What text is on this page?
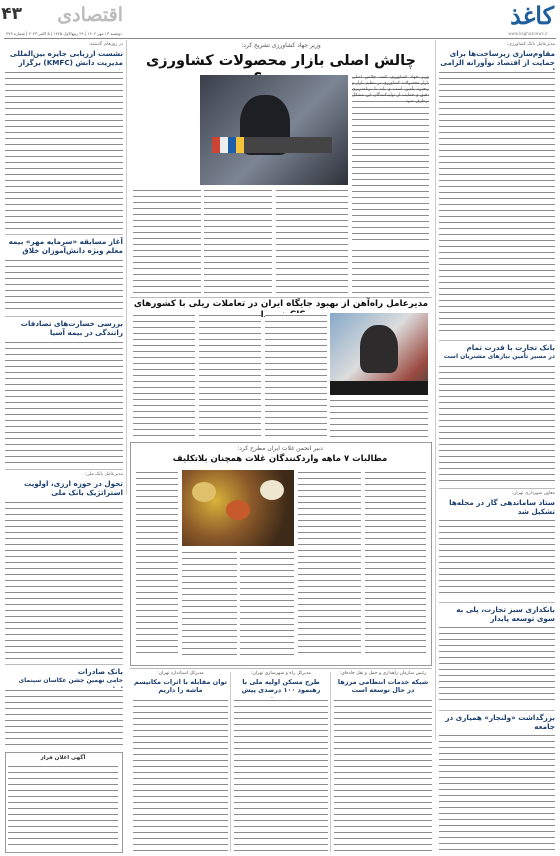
کاغذ
www.kaghaznews.ir
اقتصادی
۴۳
دوشنبه ۱۳ مهر ۱۴۰۲ | ۲۹ ربیع‌الاول ۱۴۴۵ | ۵ اکتبر ۲۰۲۳ | شماره ۳۷۹
وزیر جهاد کشاورزی تشریح کرد:
چالش اصلی بازار محصولات کشاورزی
وزیر جهاد کشاورزی گفت چالش اصلی بازار محصولات کشاورزی در تنظیم بازار و زنجیره تأمین است و باید با برنامه‌ریزی دقیق و حمایت از تولیدکنندگان این مشکل برطرف شود.
مدیرعامل راه‌آهن از بهبود جایگاه ایران در تعاملات ریلی با کشورهای داد
دبیر انجمن غلات ایران مطرح کرد:
مطالبات ۷ ماهه واردکنندگان غلات همچنان بلاتکلیف
مدیرعامل بانک کشاورزی:
مقاوم‌سازی زیرساخت‌ها برای حمایت از اقتصاد نوآورانه الزامی
بانک تجارت با قدرت تمام
در مسیر تأمین نیازهای مشتریان است
معاون شهرداری تهران:
ستاد ساماندهی گاز در محله‌ها تشکیل شد
بانکداری سبز تجارت، پلی به سوی توسعه پایدار
بزرگداشت «ولنجار» همیاری در جامعه
در روزهای گذشته:
نشست ارزیابی جایزه بین‌المللی مدیریت دانش (KMFC) برگزار
آغاز مسابقه «سرمایه مهر» بیمه معلم ویژه دانش‌آموزان خلاق
بررسی خسارت‌های تصادفات رانندگی در بیمه آسیا
مدیرعامل بانک ملی:
تحول در حوزه ارزی، اولویت استراتژیک بانک ملی
بانک صادرات
حامی نهمین جشن عکاسان سینمای
آگهی اعلان فراز
رئیس سازمان راهداری و حمل و نقل جاده‌ای:
شبکه خدمات انتظامی مرزها در حال توسعه است
مدیرکل راه و شهرسازی تهران:
طرح مسکن اولیه ملی با رهنمود ۱۰۰ درصدی پیش
مدیرکل استاندارد تهران:
توان مقابله با اثرات مکانیسم ماشه را داریم
